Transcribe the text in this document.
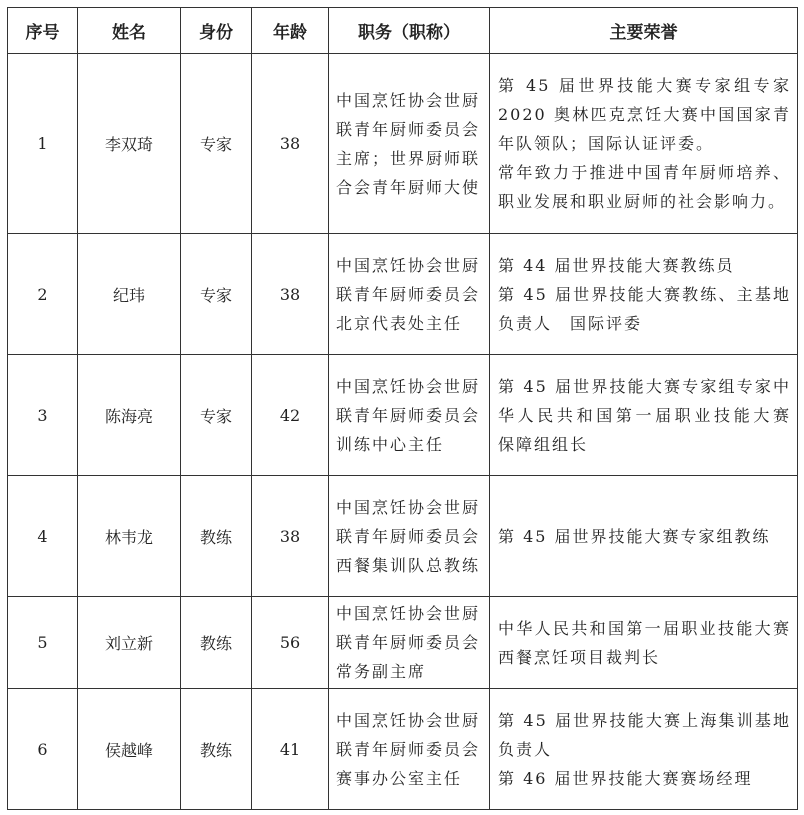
序号	姓名	身份	年龄	职务（职称）	主要荣誉
1	李双琦	专家	38	中国烹饪协会世厨联青年厨师委员会主席；世界厨师联合会青年厨师大使	第 45 届世界技能大赛专家组专家 2020 奥林匹克烹饪大赛中国国家青年队领队；国际认证评委。
常年致力于推进中国青年厨师培养、职业发展和职业厨师的社会影响力。

2	纪玮	专家	38	中国烹饪协会世厨联青年厨师委员会北京代表处主任	第 44 届世界技能大赛教练员
第 45 届世界技能大赛教练、主基地负责人　国际评委

3	陈海亮	专家	42	中国烹饪协会世厨联青年厨师委员会训练中心主任	第 45 届世界技能大赛专家组专家中华人民共和国第一届职业技能大赛 保障组组长

4	林韦龙	教练	38	中国烹饪协会世厨联青年厨师委员会西餐集训队总教练	第 45 届世界技能大赛专家组教练

5	刘立新	教练	56	中国烹饪协会世厨联青年厨师委员会常务副主席	中华人民共和国第一届职业技能大赛 西餐烹饪项目裁判长

6	侯越峰	教练	41	中国烹饪协会世厨联青年厨师委员会赛事办公室主任	第 45 届世界技能大赛上海集训基地负责人
第 46 届世界技能大赛赛场经理
